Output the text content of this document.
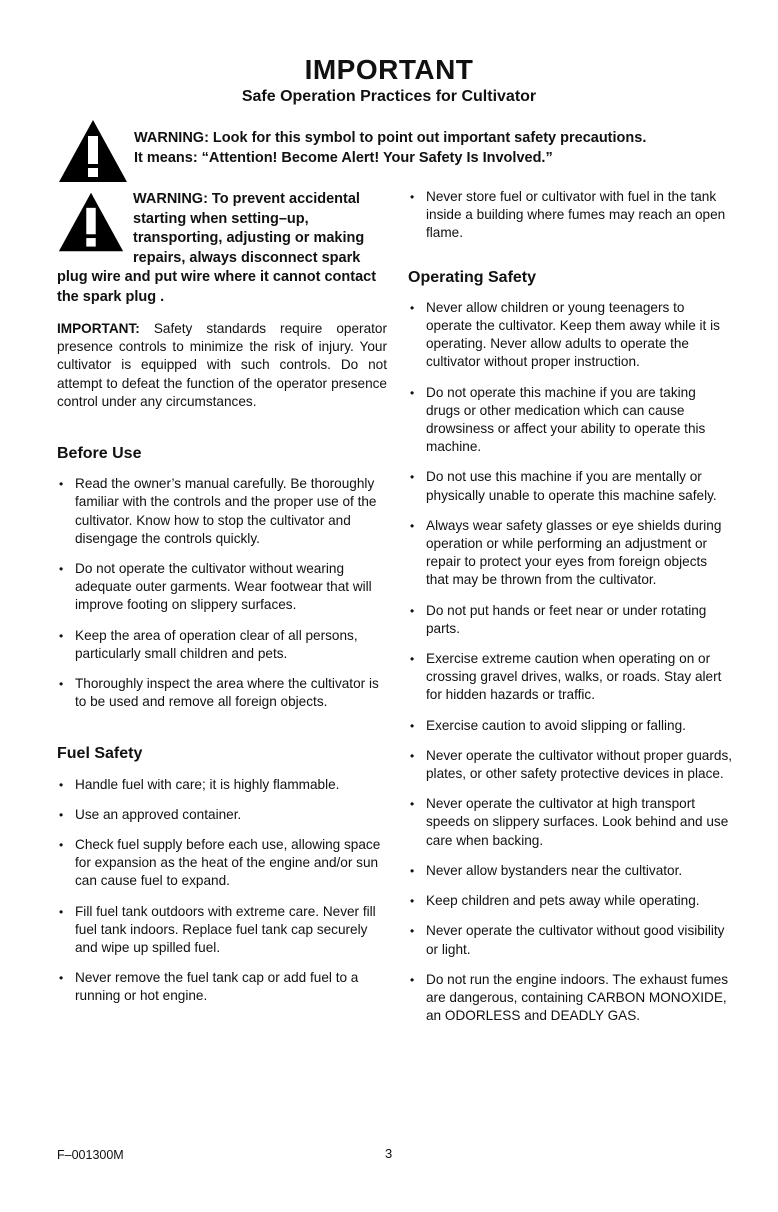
IMPORTANT
Safe Operation Practices for Cultivator
WARNING: Look for this symbol to point out important safety precautions.
It means: “Attention! Become Alert! Your Safety Is Involved.”
WARNING: To prevent accidental starting when setting–up, transporting, adjusting or making repairs, always disconnect spark plug wire and put wire where it cannot contact the spark plug .

IMPORTANT: Safety standards require operator presence controls to minimize the risk of injury. Your cultivator is equipped with such controls. Do not attempt to defeat the function of the operator presence control under any circumstances.

Before Use
• Read the owner’s manual carefully. Be thoroughly familiar with the controls and the proper use of the cultivator. Know how to stop the cultivator and disengage the controls quickly.
• Do not operate the cultivator without wearing adequate outer garments. Wear footwear that will improve footing on slippery surfaces.
• Keep the area of operation clear of all persons, particularly small children and pets.
• Thoroughly inspect the area where the cultivator is to be used and remove all foreign objects.
Fuel Safety
• Handle fuel with care; it is highly flammable.
• Use an approved container.
• Check fuel supply before each use, allowing space for expansion as the heat of the engine and/or sun can cause fuel to expand.
• Fill fuel tank outdoors with extreme care. Never fill fuel tank indoors. Replace fuel tank cap securely and wipe up spilled fuel.
• Never remove the fuel tank cap or add fuel to a running or hot engine.
• Never store fuel or cultivator with fuel in the tank inside a building where fumes may reach an open flame.
Operating Safety
• Never allow children or young teenagers to operate the cultivator. Keep them away while it is operating. Never allow adults to operate the cultivator without proper instruction.
• Do not operate this machine if you are taking drugs or other medication which can cause drowsiness or affect your ability to operate this machine.
• Do not use this machine if you are mentally or physically unable to operate this machine safely.
• Always wear safety glasses or eye shields during operation or while performing an adjustment or repair to protect your eyes from foreign objects that may be thrown from the cultivator.
• Do not put hands or feet near or under rotating parts.
• Exercise extreme caution when operating on or crossing gravel drives, walks, or roads. Stay alert for hidden hazards or traffic.
• Exercise caution to avoid slipping or falling.
• Never operate the cultivator without proper guards, plates, or other safety protective devices in place.
• Never operate the cultivator at high transport speeds on slippery surfaces. Look behind and use care when backing.
• Never allow bystanders near the cultivator.
• Keep children and pets away while operating.
• Never operate the cultivator without good visibility or light.
• Do not run the engine indoors. The exhaust fumes are dangerous, containing CARBON MONOXIDE, an ODORLESS and DEADLY GAS.
F–001300M	3
